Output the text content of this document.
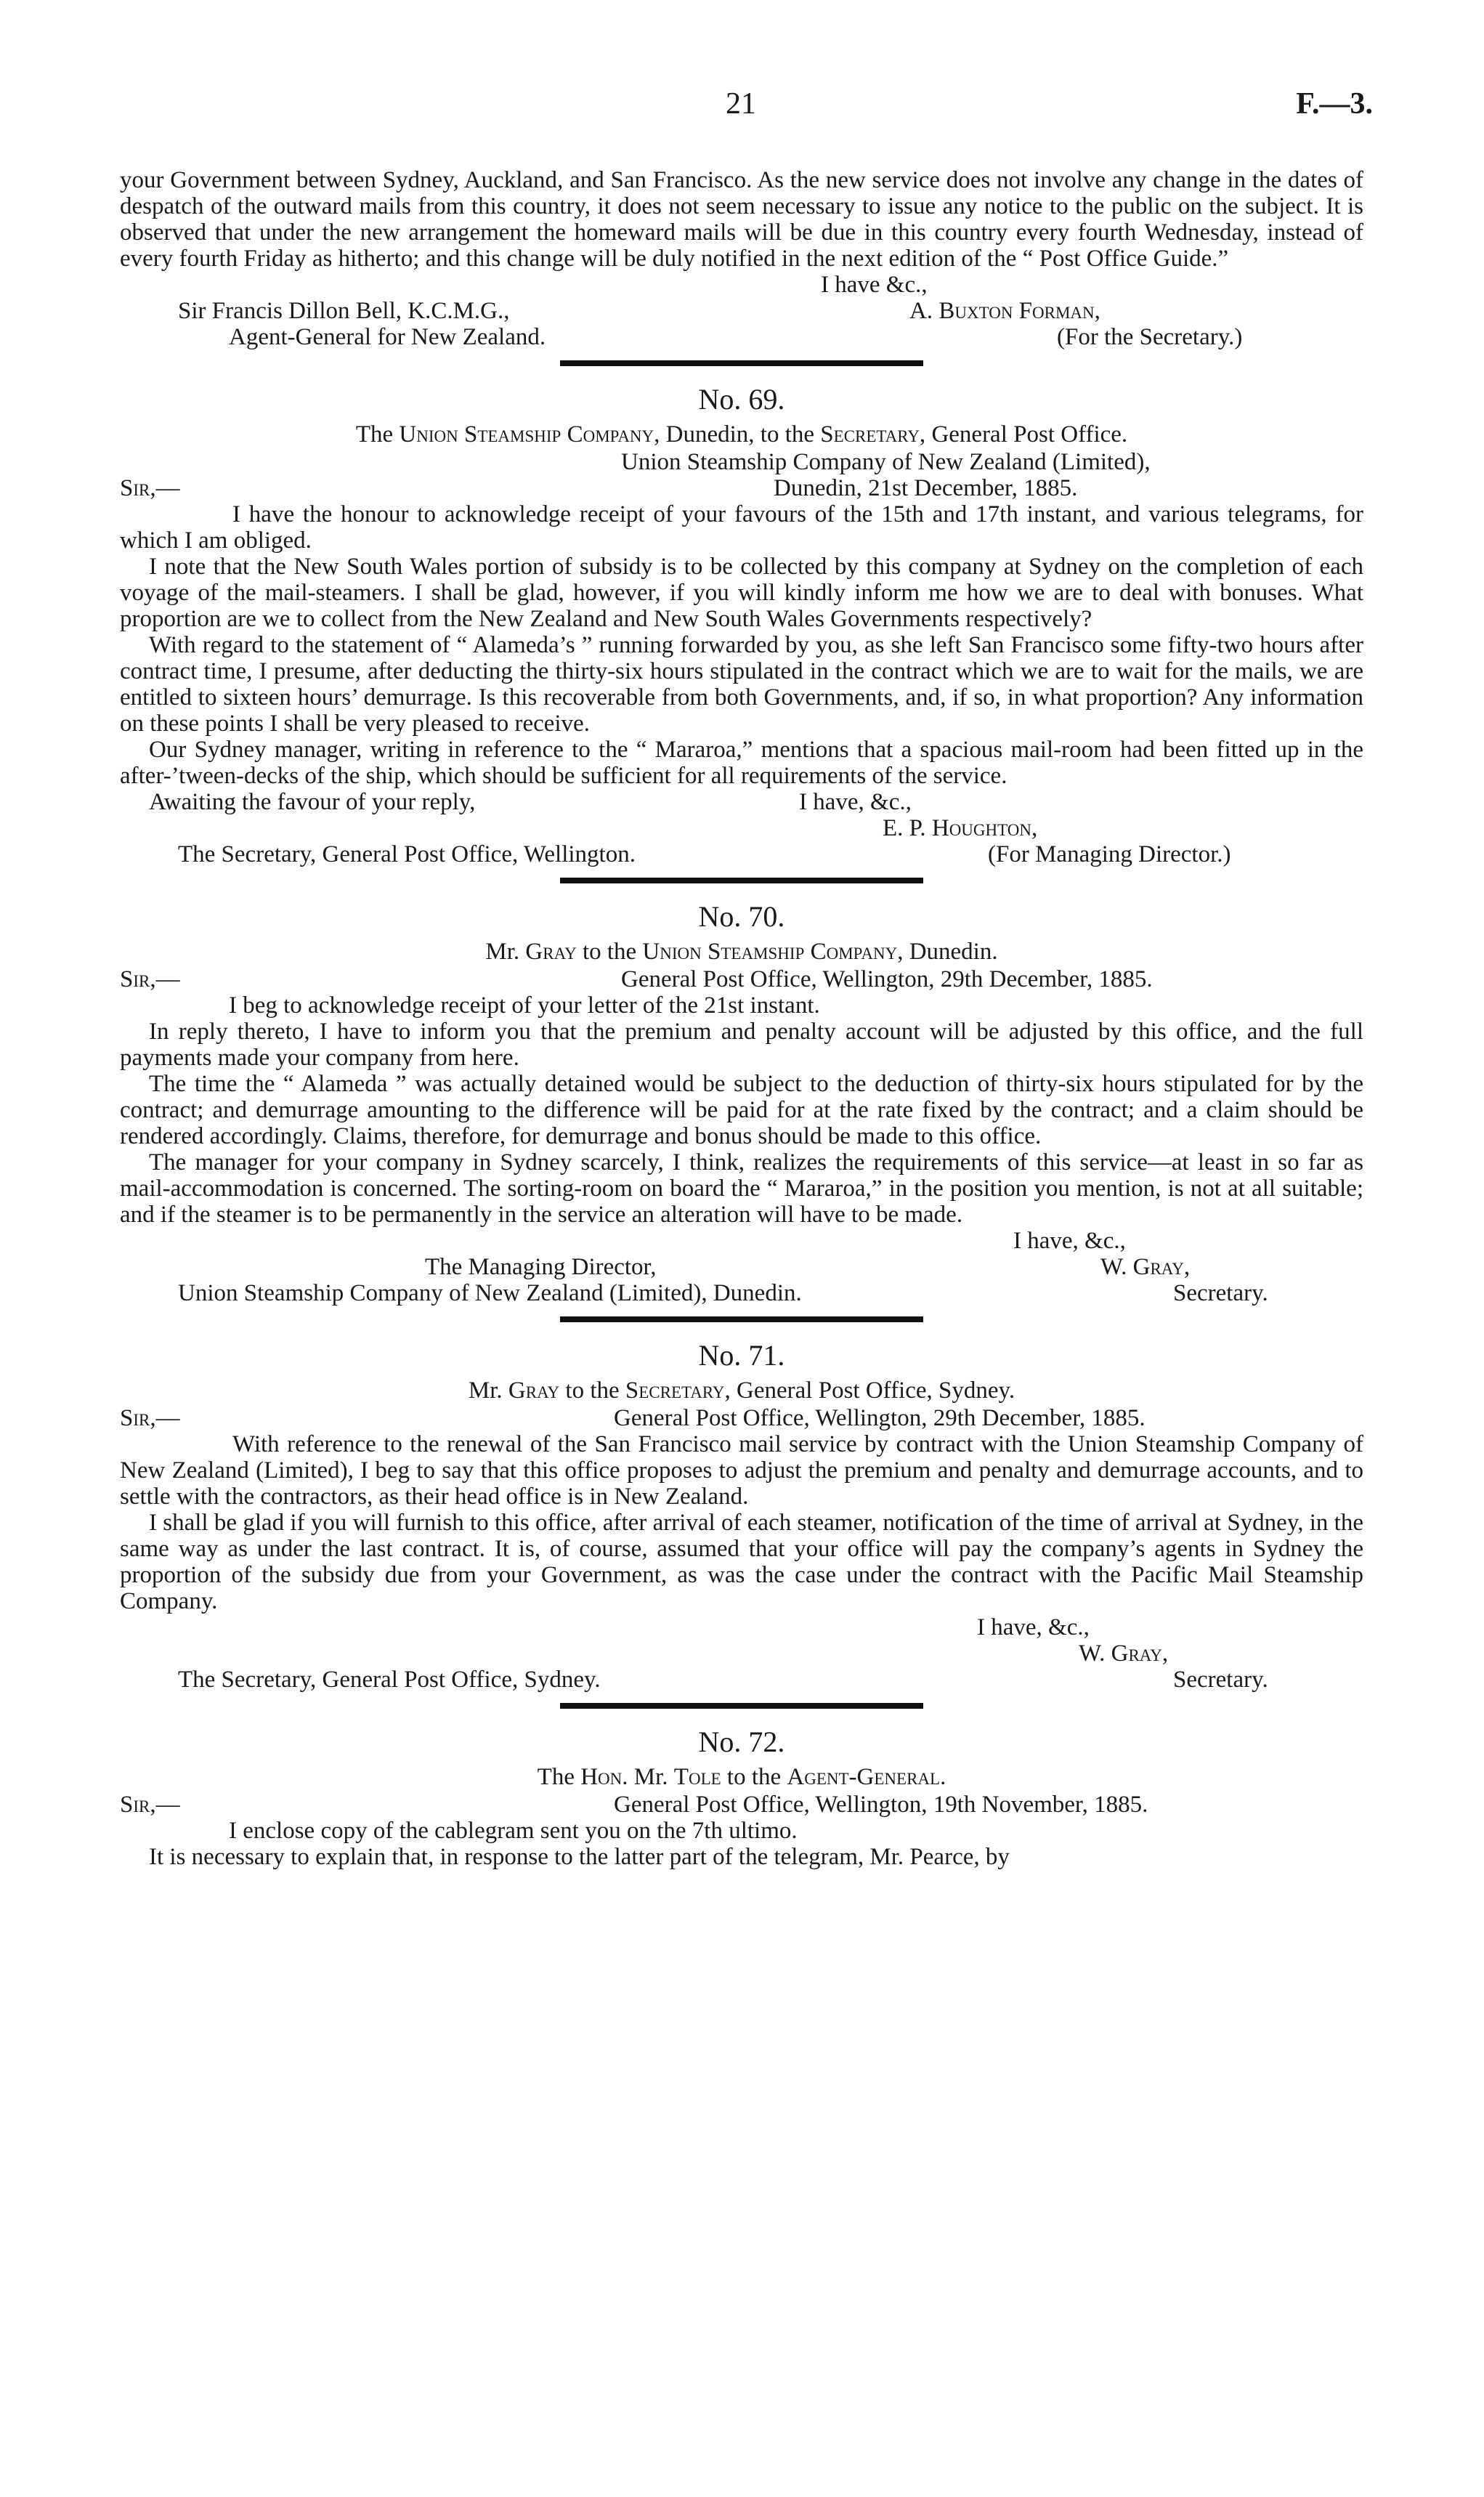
21	F.—3.

your Government between Sydney, Auckland, and San Francisco. As the new service does not involve any change in the dates of despatch of the outward mails from this country, it does not seem necessary to issue any notice to the public on the subject. It is observed that under the new arrangement the homeward mails will be due in this country every fourth Wednesday, instead of every fourth Friday as hitherto; and this change will be duly notified in the next edition of the “ Post Office Guide.”

I have &c.,
Sir Francis Dillon Bell, K.C.M.G.,	A. Buxton Forman,
Agent-General for New Zealand.	(For the Secretary.)
No. 69.
The Union Steamship Company, Dunedin, to the Secretary, General Post Office.
Union Steamship Company of New Zealand (Limited),
Sir,—	Dunedin, 21st December, 1885.

I have the honour to acknowledge receipt of your favours of the 15th and 17th instant, and various telegrams, for which I am obliged.

I note that the New South Wales portion of subsidy is to be collected by this company at Sydney on the completion of each voyage of the mail-steamers. I shall be glad, however, if you will kindly inform me how we are to deal with bonuses. What proportion are we to collect from the New Zealand and New South Wales Governments respectively?

With regard to the statement of “ Alameda’s ” running forwarded by you, as she left San Francisco some fifty-two hours after contract time, I presume, after deducting the thirty-six hours stipulated in the contract which we are to wait for the mails, we are entitled to sixteen hours’ demurrage. Is this recoverable from both Governments, and, if so, in what proportion? Any information on these points I shall be very pleased to receive.

Our Sydney manager, writing in reference to the “ Mararoa,” mentions that a spacious mail-room had been fitted up in the after-’tween-decks of the ship, which should be sufficient for all requirements of the service.

Awaiting the favour of your reply,	I have, &c.,
E. P. Houghton,
The Secretary, General Post Office, Wellington.	(For Managing Director.)
No. 70.
Mr. Gray to the Union Steamship Company, Dunedin.
Sir,—	General Post Office, Wellington, 29th December, 1885.

I beg to acknowledge receipt of your letter of the 21st instant.

In reply thereto, I have to inform you that the premium and penalty account will be adjusted by this office, and the full payments made your company from here.

The time the “ Alameda ” was actually detained would be subject to the deduction of thirty-six hours stipulated for by the contract; and demurrage amounting to the difference will be paid for at the rate fixed by the contract; and a claim should be rendered accordingly. Claims, therefore, for demurrage and bonus should be made to this office.

The manager for your company in Sydney scarcely, I think, realizes the requirements of this service—at least in so far as mail-accommodation is concerned. The sorting-room on board the “ Mararoa,” in the position you mention, is not at all suitable; and if the steamer is to be permanently in the service an alteration will have to be made.

I have, &c.,
The Managing Director,	W. Gray,
Union Steamship Company of New Zealand (Limited), Dunedin.	Secretary.
No. 71.
Mr. Gray to the Secretary, General Post Office, Sydney.
Sir,—	General Post Office, Wellington, 29th December, 1885.

With reference to the renewal of the San Francisco mail service by contract with the Union Steamship Company of New Zealand (Limited), I beg to say that this office proposes to adjust the premium and penalty and demurrage accounts, and to settle with the contractors, as their head office is in New Zealand.

I shall be glad if you will furnish to this office, after arrival of each steamer, notification of the time of arrival at Sydney, in the same way as under the last contract. It is, of course, assumed that your office will pay the company’s agents in Sydney the proportion of the subsidy due from your Government, as was the case under the contract with the Pacific Mail Steamship Company.

I have, &c.,
W. Gray,
The Secretary, General Post Office, Sydney.	Secretary.
No. 72.
The Hon. Mr. Tole to the Agent-General.
Sir,—	General Post Office, Wellington, 19th November, 1885.

I enclose copy of the cablegram sent you on the 7th ultimo.

It is necessary to explain that, in response to the latter part of the telegram, Mr. Pearce, by
